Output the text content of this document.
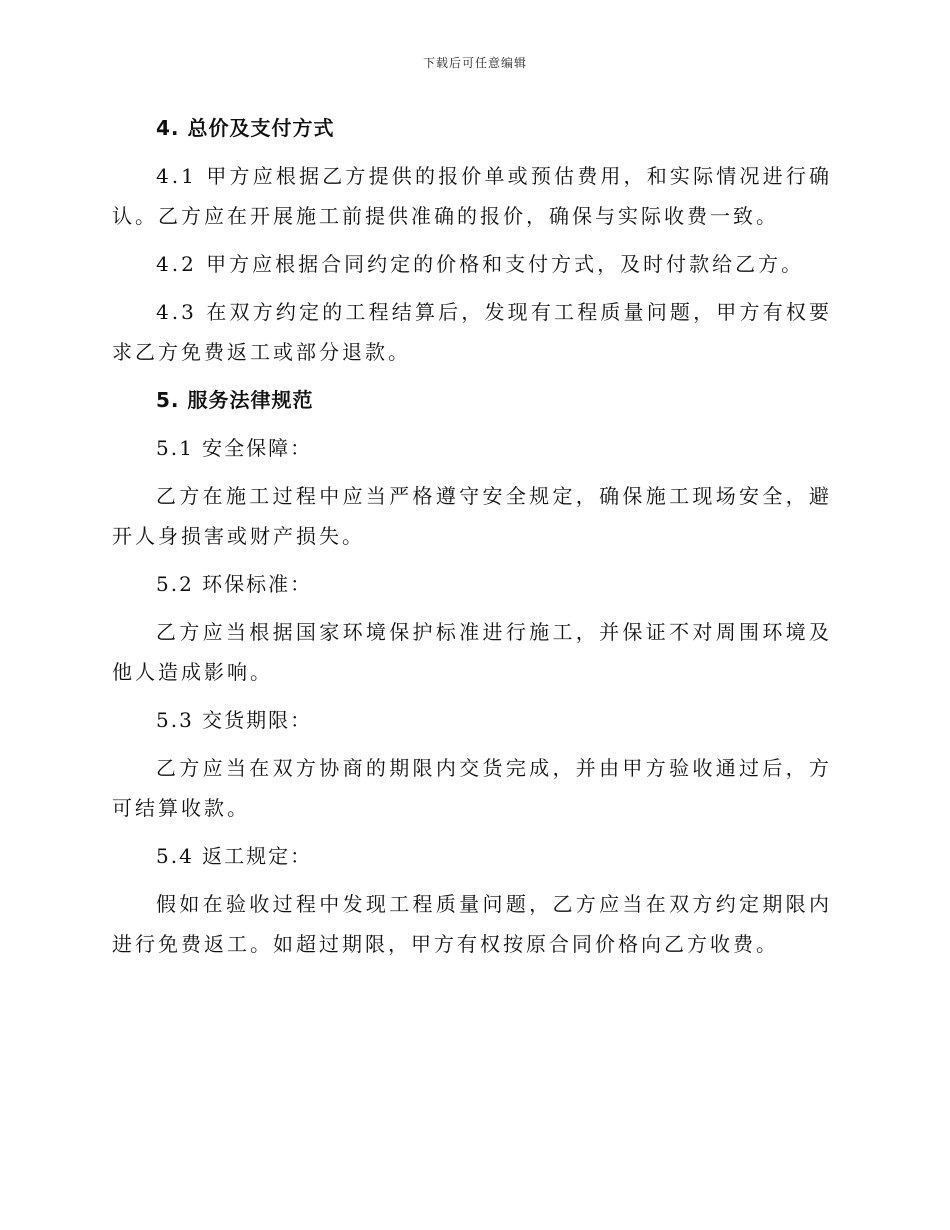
下载后可任意编辑
4. 总价及支付方式

4.1 甲方应根据乙方提供的报价单或预估费用，和实际情况进行确认。乙方应在开展施工前提供准确的报价，确保与实际收费一致。

4.2 甲方应根据合同约定的价格和支付方式，及时付款给乙方。

4.3 在双方约定的工程结算后，发现有工程质量问题，甲方有权要求乙方免费返工或部分退款。

5. 服务法律规范

5.1 安全保障：

乙方在施工过程中应当严格遵守安全规定，确保施工现场安全，避开人身损害或财产损失。

5.2 环保标准：

乙方应当根据国家环境保护标准进行施工，并保证不对周围环境及他人造成影响。

5.3 交货期限：

乙方应当在双方协商的期限内交货完成，并由甲方验收通过后，方可结算收款。

5.4 返工规定：

假如在验收过程中发现工程质量问题，乙方应当在双方约定期限内进行免费返工。如超过期限，甲方有权按原合同价格向乙方收费。
